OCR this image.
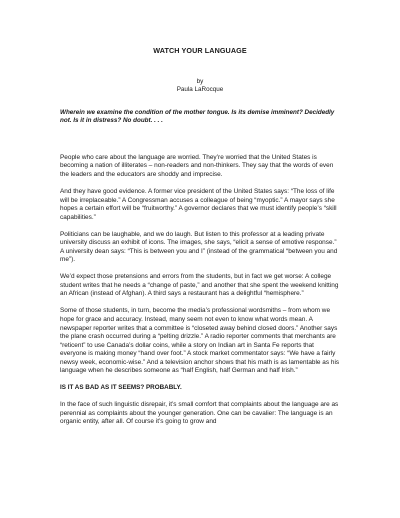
WATCH YOUR LANGUAGE
by
Paula LaRocque
Wherein we examine the condition of the mother tongue. Is its demise imminent? Decidedly not. Is it in distress? No doubt. . . .
People who care about the language are worried. They’re worried that the United States is becoming a nation of illiterates – non-readers and non-thinkers. They say that the words of even the leaders and the educators are shoddy and imprecise.
And they have good evidence. A former vice president of the United States says: “The loss of life will be irreplaceable.” A Congressman accuses a colleague of being “myoptic.” A mayor says she hopes a certain effort will be “fruitworthy.” A governor declares that we must identify people’s “skill capabilities.”
Politicians can be laughable, and we do laugh. But listen to this professor at a leading private university discuss an exhibit of icons. The images, she says, “elicit a sense of emotive response.” A university dean says: “This is between you and I” (instead of the grammatical “between you and me”).
We’d expect those pretensions and errors from the students, but in fact we get worse: A college student writes that he needs a “change of paste,” and another that she spent the weekend knitting an African (instead of Afghan). A third says a restaurant has a delightful “hemisphere.”
Some of those students, in turn, become the media’s professional wordsmiths – from whom we hope for grace and accuracy. Instead, many seem not even to know what words mean. A newspaper reporter writes that a committee is “closeted away behind closed doors.” Another says the plane crash occurred during a “pelting drizzle.” A radio reporter comments that merchants are “reticent” to use Canada’s dollar coins, while a story on Indian art in Santa Fe reports that everyone is making money “hand over foot.” A stock market commentator says: “We have a fairly newsy week, economic-wise.” And a television anchor shows that his math is as lamentable as his language when he describes someone as “half English, half German and half Irish.”
IS IT AS BAD AS IT SEEMS? PROBABLY.
In the face of such linguistic disrepair, it’s small comfort that complaints about the language are as perennial as complaints about the younger generation. One can be cavalier: The language is an organic entity, after all. Of course it’s going to grow and
